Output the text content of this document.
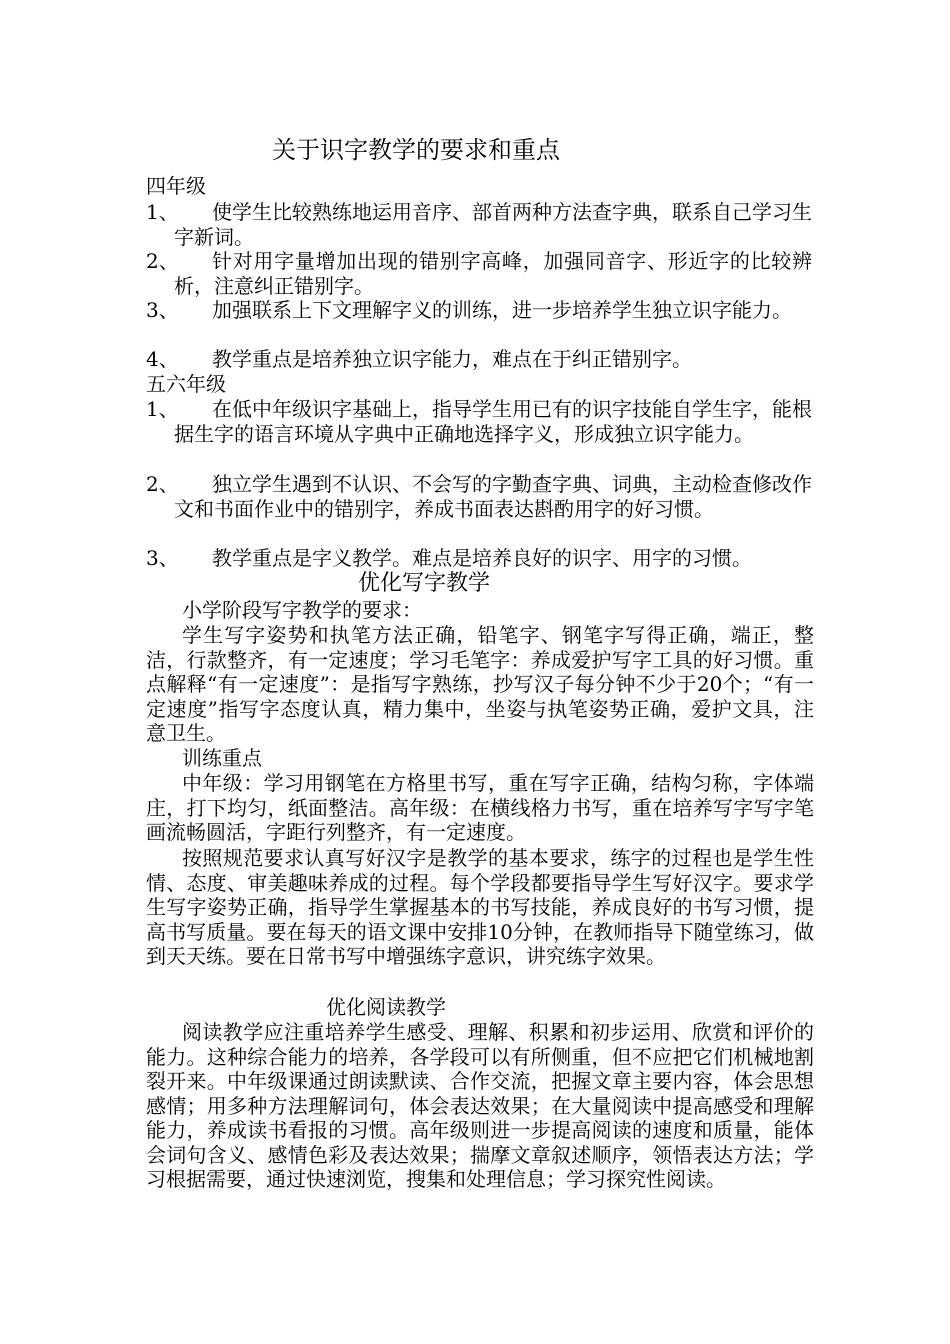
关于识字教学的要求和重点
四年级
1、	使学生比较熟练地运用音序、部首两种方法查字典，联系自己学习生字新词。
2、	针对用字量增加出现的错别字高峰，加强同音字、形近字的比较辨析，注意纠正错别字。
3、	加强联系上下文理解字义的训练，进一步培养学生独立识字能力。
4、	教学重点是培养独立识字能力，难点在于纠正错别字。
五六年级
1、	在低中年级识字基础上，指导学生用已有的识字技能自学生字，能根据生字的语言环境从字典中正确地选择字义，形成独立识字能力。
2、	独立学生遇到不认识、不会写的字勤查字典、词典，主动检查修改作文和书面作业中的错别字，养成书面表达斟酌用字的好习惯。
3、	教学重点是字义教学。难点是培养良好的识字、用字的习惯。
优化写字教学
小学阶段写字教学的要求：
学生写字姿势和执笔方法正确，铅笔字、钢笔字写得正确，端正，整洁，行款整齐，有一定速度；学习毛笔字：养成爱护写字工具的好习惯。重点解释“有一定速度”：是指写字熟练，抄写汉子每分钟不少于20个；“有一定速度”指写字态度认真，精力集中，坐姿与执笔姿势正确，爱护文具，注意卫生。
训练重点
中年级：学习用钢笔在方格里书写，重在写字正确，结构匀称，字体端庄，打下均匀，纸面整洁。高年级：在横线格力书写，重在培养写字写字笔画流畅圆活，字距行列整齐，有一定速度。
按照规范要求认真写好汉字是教学的基本要求，练字的过程也是学生性情、态度、审美趣味养成的过程。每个学段都要指导学生写好汉字。要求学生写字姿势正确，指导学生掌握基本的书写技能，养成良好的书写习惯，提高书写质量。要在每天的语文课中安排10分钟，在教师指导下随堂练习，做到天天练。要在日常书写中增强练字意识，讲究练字效果。
优化阅读教学
阅读教学应注重培养学生感受、理解、积累和初步运用、欣赏和评价的能力。这种综合能力的培养，各学段可以有所侧重，但不应把它们机械地割裂开来。中年级课通过朗读默读、合作交流，把握文章主要内容，体会思想感情；用多种方法理解词句，体会表达效果；在大量阅读中提高感受和理解能力，养成读书看报的习惯。高年级则进一步提高阅读的速度和质量，能体会词句含义、感情色彩及表达效果；揣摩文章叙述顺序，领悟表达方法；学习根据需要，通过快速浏览，搜集和处理信息；学习探究性阅读。
